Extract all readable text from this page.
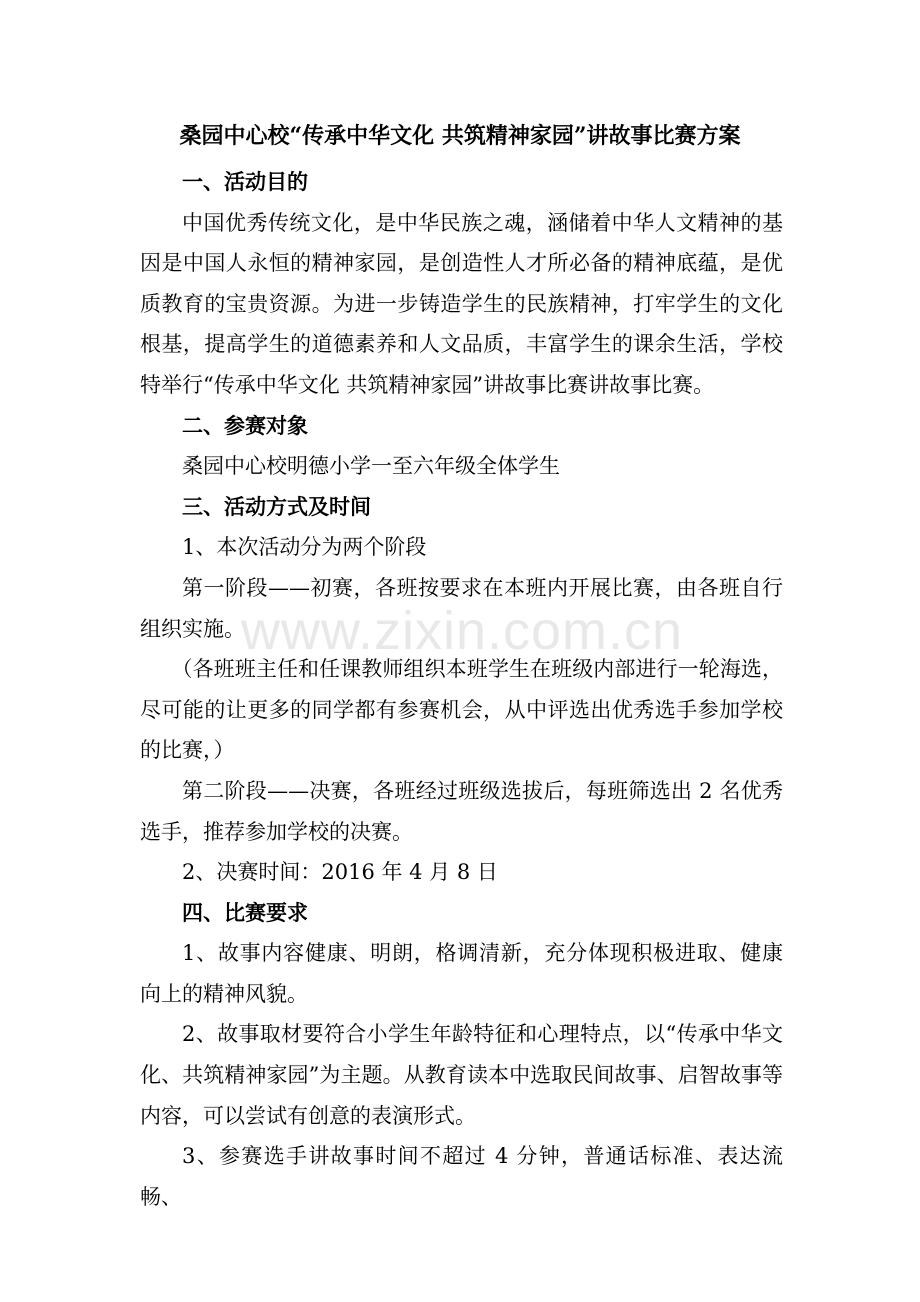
桑园中心校“传承中华文化 共筑精神家园”讲故事比赛方案

一、活动目的

中国优秀传统文化，是中华民族之魂，涵储着中华人文精神的基因是中国人永恒的精神家园，是创造性人才所必备的精神底蕴，是优质教育的宝贵资源。为进一步铸造学生的民族精神，打牢学生的文化根基，提高学生的道德素养和人文品质，丰富学生的课余生活，学校特举行“传承中华文化 共筑精神家园”讲故事比赛讲故事比赛。

二、参赛对象

桑园中心校明德小学一至六年级全体学生

三、活动方式及时间

1、本次活动分为两个阶段

第一阶段——初赛，各班按要求在本班内开展比赛，由各班自行组织实施。

（各班班主任和任课教师组织本班学生在班级内部进行一轮海选，尽可能的让更多的同学都有参赛机会，从中评选出优秀选手参加学校的比赛，）

第二阶段——决赛，各班经过班级选拔后，每班筛选出 2 名优秀选手，推荐参加学校的决赛。

2、决赛时间：2016 年 4 月 8 日

四、比赛要求

1、故事内容健康、明朗，格调清新，充分体现积极进取、健康向上的精神风貌。

2、故事取材要符合小学生年龄特征和心理特点，以“传承中华文化、共筑精神家园”为主题。从教育读本中选取民间故事、启智故事等内容，可以尝试有创意的表演形式。

3、参赛选手讲故事时间不超过 4 分钟，普通话标准、表达流畅、

www.zixin.com.cn
